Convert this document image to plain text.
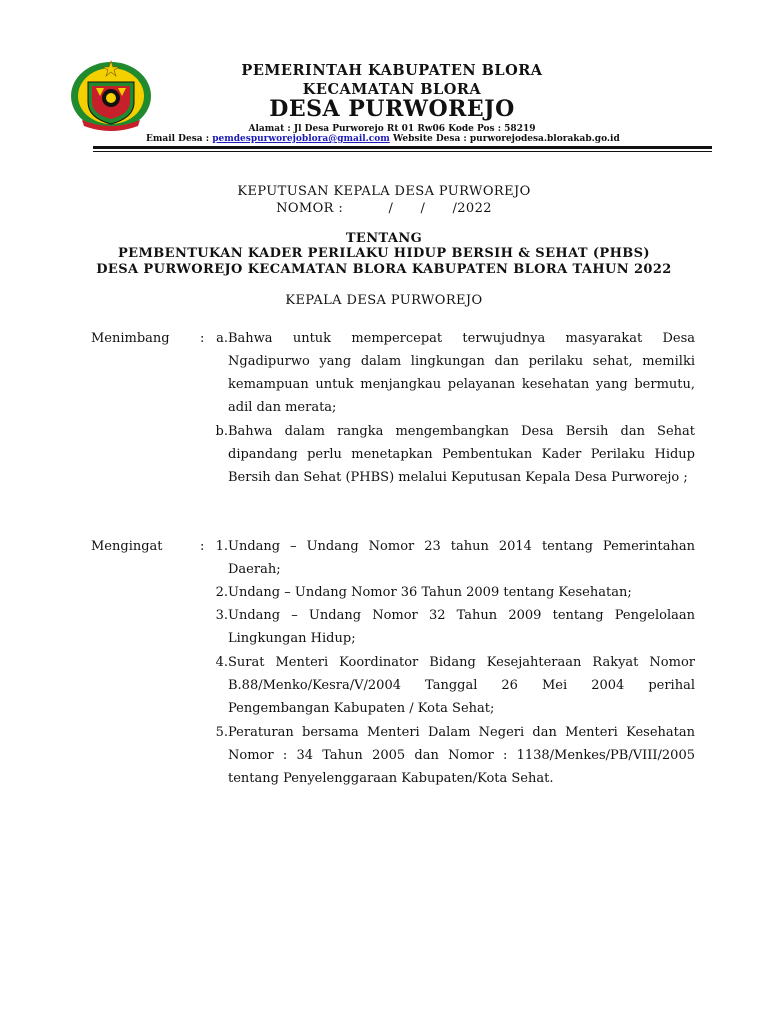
PEMERINTAH KABUPATEN BLORA
KECAMATAN BLORA
DESA PURWOREJO
Alamat : Jl Desa Purworejo Rt 01 Rw06 Kode Pos : 58219
Email Desa : pemdespurworejoblora@gmail.com Website Desa : purworejodesa.blorakab.go.id
KEPUTUSAN KEPALA DESA PURWOREJO
NOMOR :	/      /      /2022
TENTANG
PEMBENTUKAN KADER PERILAKU HIDUP BERSIH & SEHAT (PHBS)
DESA PURWOREJO KECAMATAN BLORA KABUPATEN BLORA TAHUN 2022
KEPALA DESA PURWOREJO
Menimbang : a. Bahwa untuk mempercepat terwujudnya masyarakat Desa Ngadipurwo yang dalam lingkungan dan perilaku sehat, memilki kemampuan untuk menjangkau pelayanan kesehatan yang bermutu, adil dan merata;

b. Bahwa dalam rangka mengembangkan Desa Bersih dan Sehat dipandang perlu menetapkan Pembentukan Kader Perilaku Hidup Bersih dan Sehat (PHBS) melalui Keputusan Kepala Desa Purworejo ;

Mengingat	: 1. Undang – Undang Nomor 23 tahun 2014 tentang Pemerintahan Daerah;

2. Undang – Undang Nomor 36 Tahun 2009 tentang Kesehatan;

3. Undang – Undang Nomor 32 Tahun 2009 tentang Pengelolaan Lingkungan Hidup;

4. Surat Menteri Koordinator Bidang Kesejahteraan Rakyat Nomor B.88/Menko/Kesra/V/2004 Tanggal 26 Mei 2004 perihal Pengembangan Kabupaten / Kota Sehat;

5. Peraturan bersama Menteri Dalam Negeri dan Menteri Kesehatan Nomor : 34 Tahun 2005 dan Nomor : 1138/Menkes/PB/VIII/2005 tentang Penyelenggaraan Kabupaten/Kota Sehat.
